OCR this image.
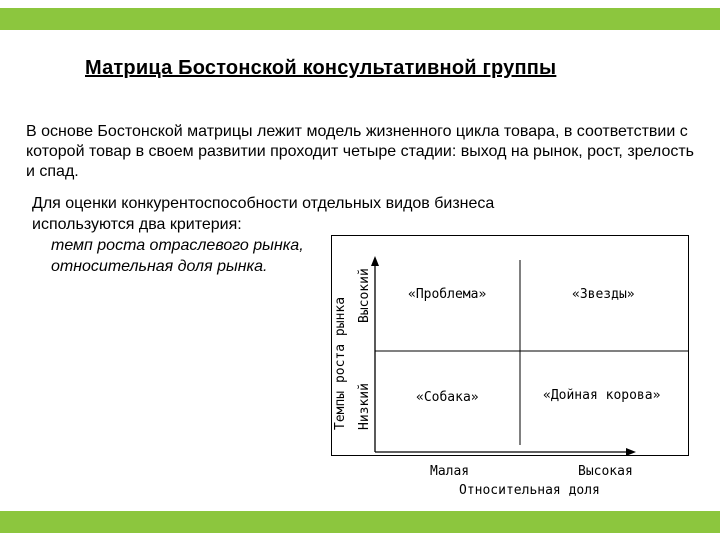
Матрица Бостонской консультативной группы
В основе Бостонской матрицы лежит модель жизненного цикла товара, в соответствии с которой товар в своем развитии проходит четыре стадии: выход на рынок, рост, зрелость и спад.
Для оценки конкурентоспособности отдельных видов бизнеса
используются два критерия:
темп роста отраслевого рынка,
относительная доля рынка.
«Проблема»	«Звезды»
«Собака»	«Дойная корова»
Темпы роста рынка
Высокий
Низкий
Малая	Высокая
Относительная доля
